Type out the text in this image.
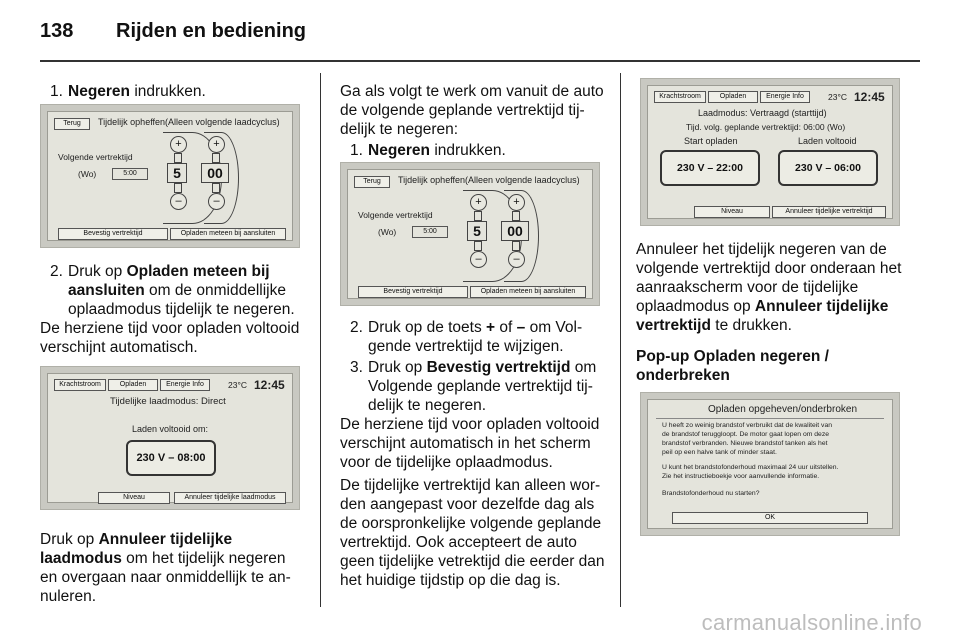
138 Rijden en bediening

1. Negeren indrukken.

Terug	Tijdelijk opheffen(Alleen volgende laadcyclus)
Volgende vertrektijd
(Wo)	5:00
+
5
–
+
00
–
Bevestig vertrektijd	Opladen meteen bij aansluiten

2. Druk op Opladen meteen bij aansluiten om de onmiddellijke oplaadmodus tijdelijk te negeren.

De herziene tijd voor opladen voltooid verschijnt automatisch.

Krachtstroom	Opladen	Energie Info	23°C 12:45
Tijdelijke laadmodus: Direct
Laden voltooid om:
230 V – 08:00
Niveau	Annuleer tijdelijke laadmodus

Druk op Annuleer tijdelijke laadmodus om het tijdelijk negeren en overgaan naar onmiddellijk te annuleren.

Ga als volgt te werk om vanuit de auto de volgende geplande vertrektijd tijdelijk te negeren:

1. Negeren indrukken.

Terug	Tijdelijk opheffen(Alleen volgende laadcyclus)
Volgende vertrektijd
(Wo)	5:00
+
5
–
+
00
–
Bevestig vertrektijd	Opladen meteen bij aansluiten

2. Druk op de toets + of – om Volgende vertrektijd te wijzigen.

3. Druk op Bevestig vertrektijd om Volgende geplande vertrektijd tijdelijk te negeren.

De herziene tijd voor opladen voltooid verschijnt automatisch in het scherm voor de tijdelijke oplaadmodus.

De tijdelijke vertrektijd kan alleen worden aangepast voor dezelfde dag als de oorspronkelijke volgende geplande vertrektijd. Ook accepteert de auto geen tijdelijke vetrektijd die eerder dan het huidige tijdstip op die dag is.

Krachtstroom	Opladen	Energie Info	23°C 12:45
Laadmodus: Vertraagd (starttijd)
Tijd. volg. geplande vertrektijd: 06:00 (Wo)
Start opladen	Laden voltooid
230 V – 22:00	230 V – 06:00
Niveau	Annuleer tijdelijke vertrektijd

Annuleer het tijdelijk negeren van de volgende vertrektijd door onderaan het aanraakscherm voor de tijdelijke oplaadmodus op Annuleer tijdelijke vertrektijd te drukken.

Pop-up Opladen negeren / onderbreken

Opladen opgeheven/onderbroken
U heeft zo weinig brandstof verbruikt dat de kwaliteit van
de brandstof teruggloopt. De motor gaat lopen om deze
brandstof verbranden. Nieuwe brandstof tanken als het
peil op een halve tank of minder staat.
U kunt het brandstofonderhoud maximaal 24 uur uitstellen.
Zie het instructieboekje voor aanvullende informatie.
Brandstofonderhoud nu starten?
OK
carmanualsonline.info
